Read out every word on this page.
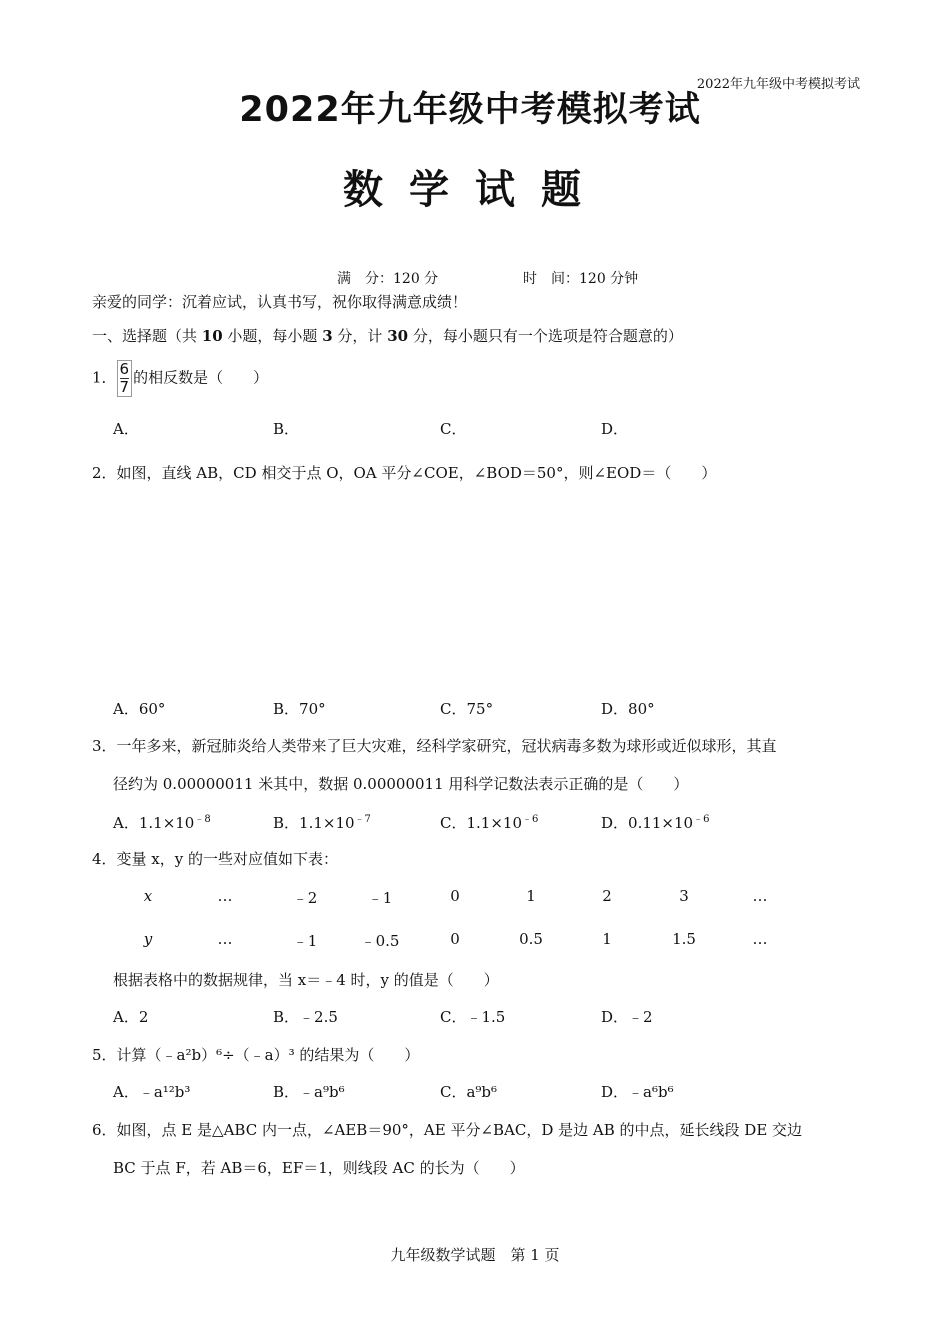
2022年九年级中考模拟考试
2022年九年级中考模拟考试
数学试题
满　分：120 分	时　间：120 分钟
亲爱的同学：沉着应试，认真书写，祝你取得满意成绩！
一、选择题（共 10 小题，每小题 3 分，计 30 分，每小题只有一个选项是符合题意的）
1． $\frac{6}{7}$ 的相反数是（　　）
A．	B．	C．	D．
2．如图，直线 AB，CD 相交于点 O，OA 平分∠COE，∠BOD＝50°，则∠EOD＝（　　）
A．60°	B．70°	C．75°	D．80°
3．一年多来，新冠肺炎给人类带来了巨大灾难，经科学家研究，冠状病毒多数为球形或近似球形，其直
径约为 0.00000011 米其中，数据 0.00000011 用科学记数法表示正确的是（　　）
A．$1.1\times 10^{﹣8}$	B．$1.1\times 10^{﹣7}$	C．$1.1\times 10^{﹣6}$	D．$0.11\times 10^{﹣6}$
4．变量 x，y 的一些对应值如下表：
x	…	﹣2	﹣1	0	1	2	3	…
y	…	﹣1	﹣0.5	0	0.5	1	1.5	…
根据表格中的数据规律，当 x＝﹣4 时，y 的值是（　　）
A．2	B．﹣2.5	C．﹣1.5	D．﹣2
5．计算（﹣a²b）⁶÷（﹣a）³ 的结果为（　　）
A．﹣a¹²b³	B．﹣a⁹b⁶	C．a⁹b⁶	D．﹣a⁶b⁶
6．如图，点 E 是△ABC 内一点，∠AEB＝90°，AE 平分∠BAC，D 是边 AB 的中点，延长线段 DE 交边
BC 于点 F，若 AB＝6，EF＝1，则线段 AC 的长为（　　）
九年级数学试题　第 1 页
